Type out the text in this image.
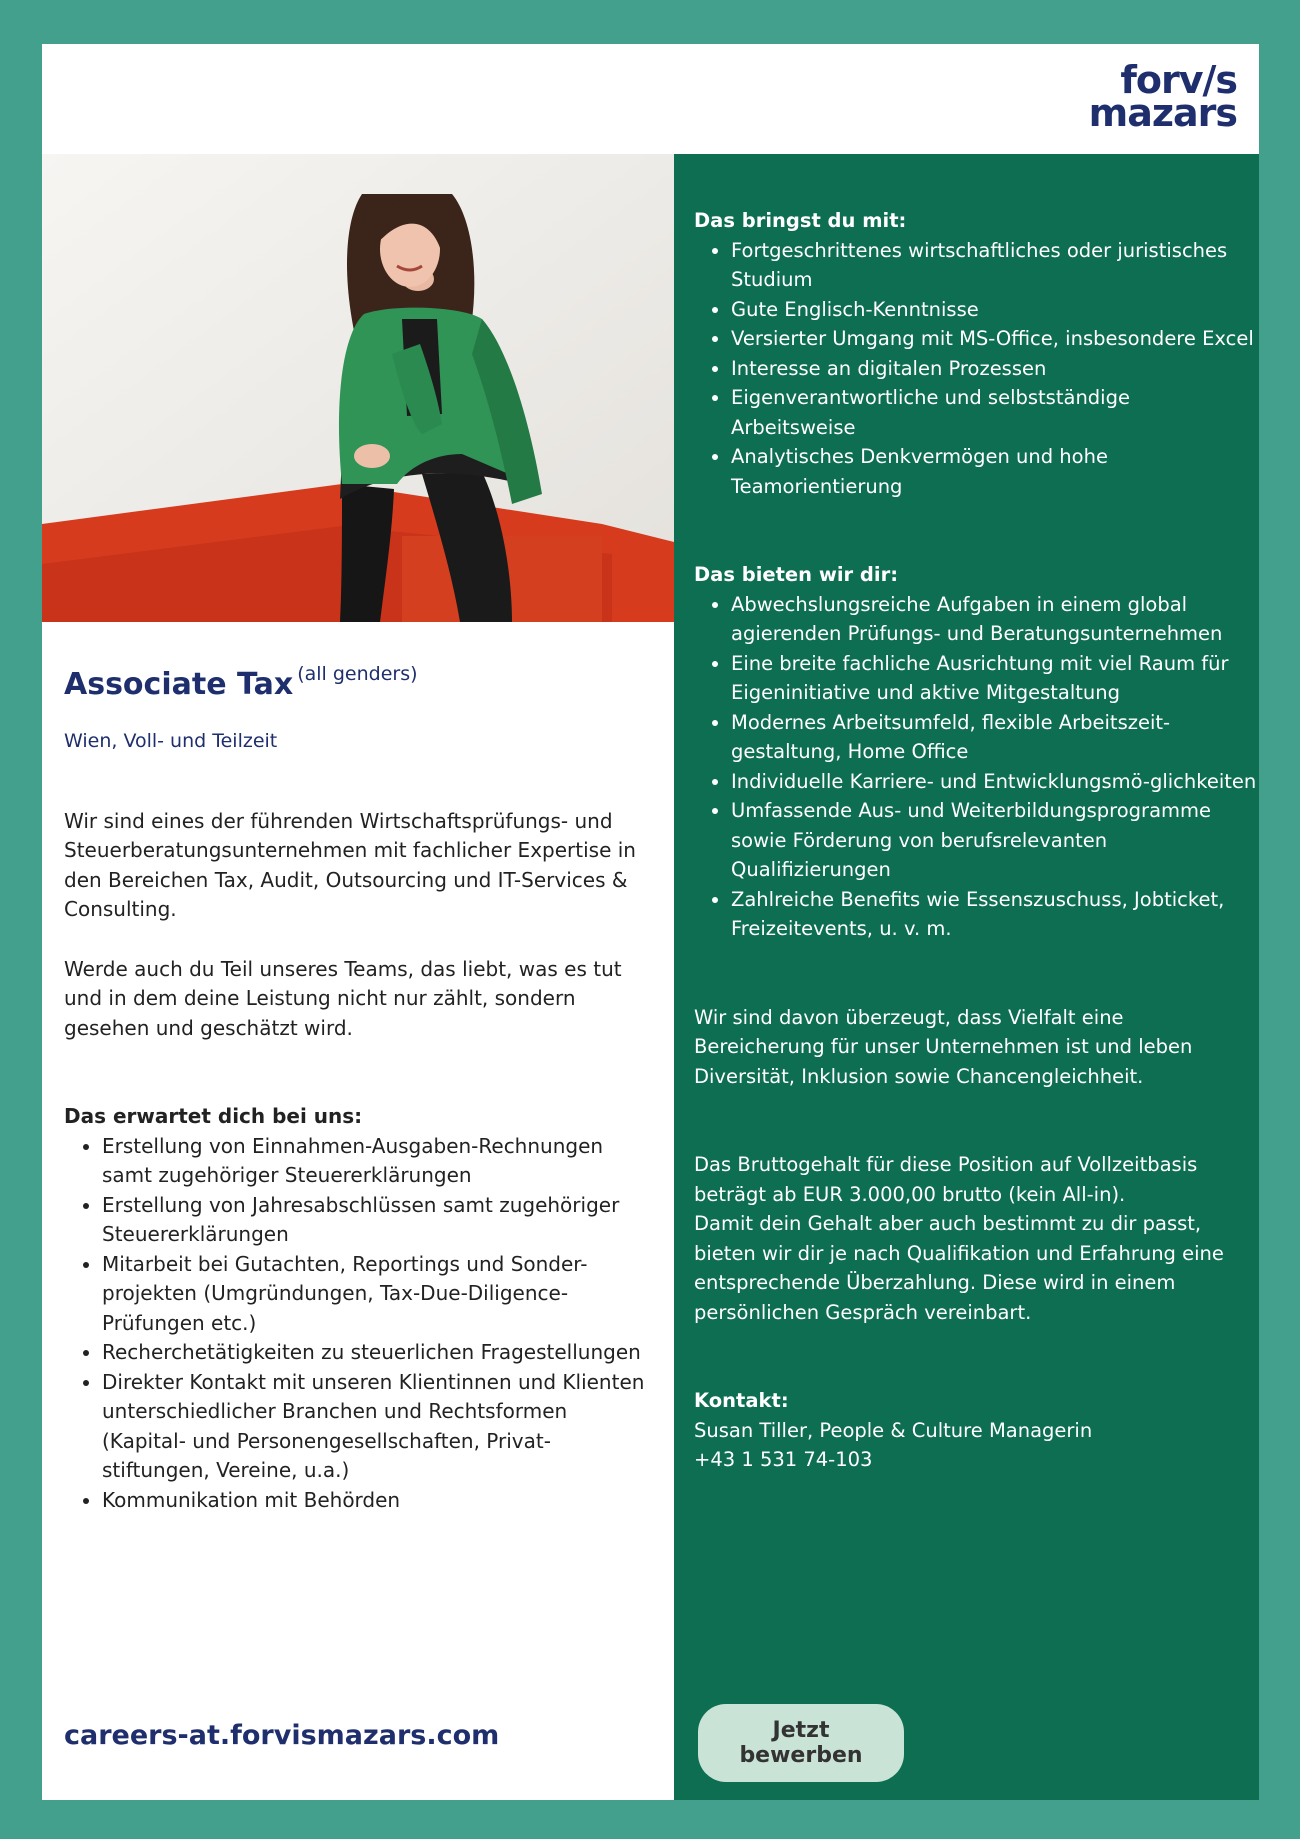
forv/s
mazars
Associate Tax $^{(all genders)}$
Wien, Voll- und Teilzeit

Wir sind eines der führenden Wirtschaftsprüfungs- und Steuerberatungsunternehmen mit fachlicher Expertise in den Bereichen Tax, Audit, Outsourcing und IT-Services & Consulting.

Werde auch du Teil unseres Teams, das liebt, was es tut und in dem deine Leistung nicht nur zählt, sondern gesehen und geschätzt wird.

Das erwartet dich bei uns:

• Erstellung von Einnahmen-Ausgaben-Rechnungen samt zugehöriger Steuererklärungen
• Erstellung von Jahresabschlüssen samt zugehöriger Steuererklärungen
• Mitarbeit bei Gutachten, Reportings und Sonder-projekten (Umgründungen, Tax-Due-Diligence-Prüfungen etc.)
• Recherchetätigkeiten zu steuerlichen Fragestellungen
• Direkter Kontakt mit unseren Klientinnen und Klienten unterschiedlicher Branchen und Rechtsformen (Kapital- und Personengesellschaften, Privat-stiftungen, Vereine, u.a.)
• Kommunikation mit Behörden
careers-at.forvismazars.com

Das bringst du mit:

• Fortgeschrittenes wirtschaftliches oder juristisches Studium
• Gute Englisch-Kenntnisse
• Versierter Umgang mit MS-Office, insbesondere Excel
• Interesse an digitalen Prozessen
• Eigenverantwortliche und selbstständige Arbeitsweise
• Analytisches Denkvermögen und hohe Teamorientierung

Das bieten wir dir:

• Abwechslungsreiche Aufgaben in einem global agierenden Prüfungs- und Beratungsunternehmen
• Eine breite fachliche Ausrichtung mit viel Raum für Eigeninitiative und aktive Mitgestaltung
• Modernes Arbeitsumfeld, flexible Arbeitszeit-gestaltung, Home Office
• Individuelle Karriere- und Entwicklungsmö-glichkeiten
• Umfassende Aus- und Weiterbildungsprogramme sowie Förderung von berufsrelevanten Qualifizierungen
• Zahlreiche Benefits wie Essenszuschuss, Jobticket, Freizeitevents, u. v. m.

Wir sind davon überzeugt, dass Vielfalt eine Bereicherung für unser Unternehmen ist und leben Diversität, Inklusion sowie Chancengleichheit.

Das Bruttogehalt für diese Position auf Vollzeitbasis beträgt ab EUR 3.000,00 brutto (kein All-in).

Damit dein Gehalt aber auch bestimmt zu dir passt, bieten wir dir je nach Qualifikation und Erfahrung eine entsprechende Überzahlung. Diese wird in einem persönlichen Gespräch vereinbart.

Kontakt:

Susan Tiller, People & Culture Managerin

+43 1 531 74-103

Jetzt bewerben
